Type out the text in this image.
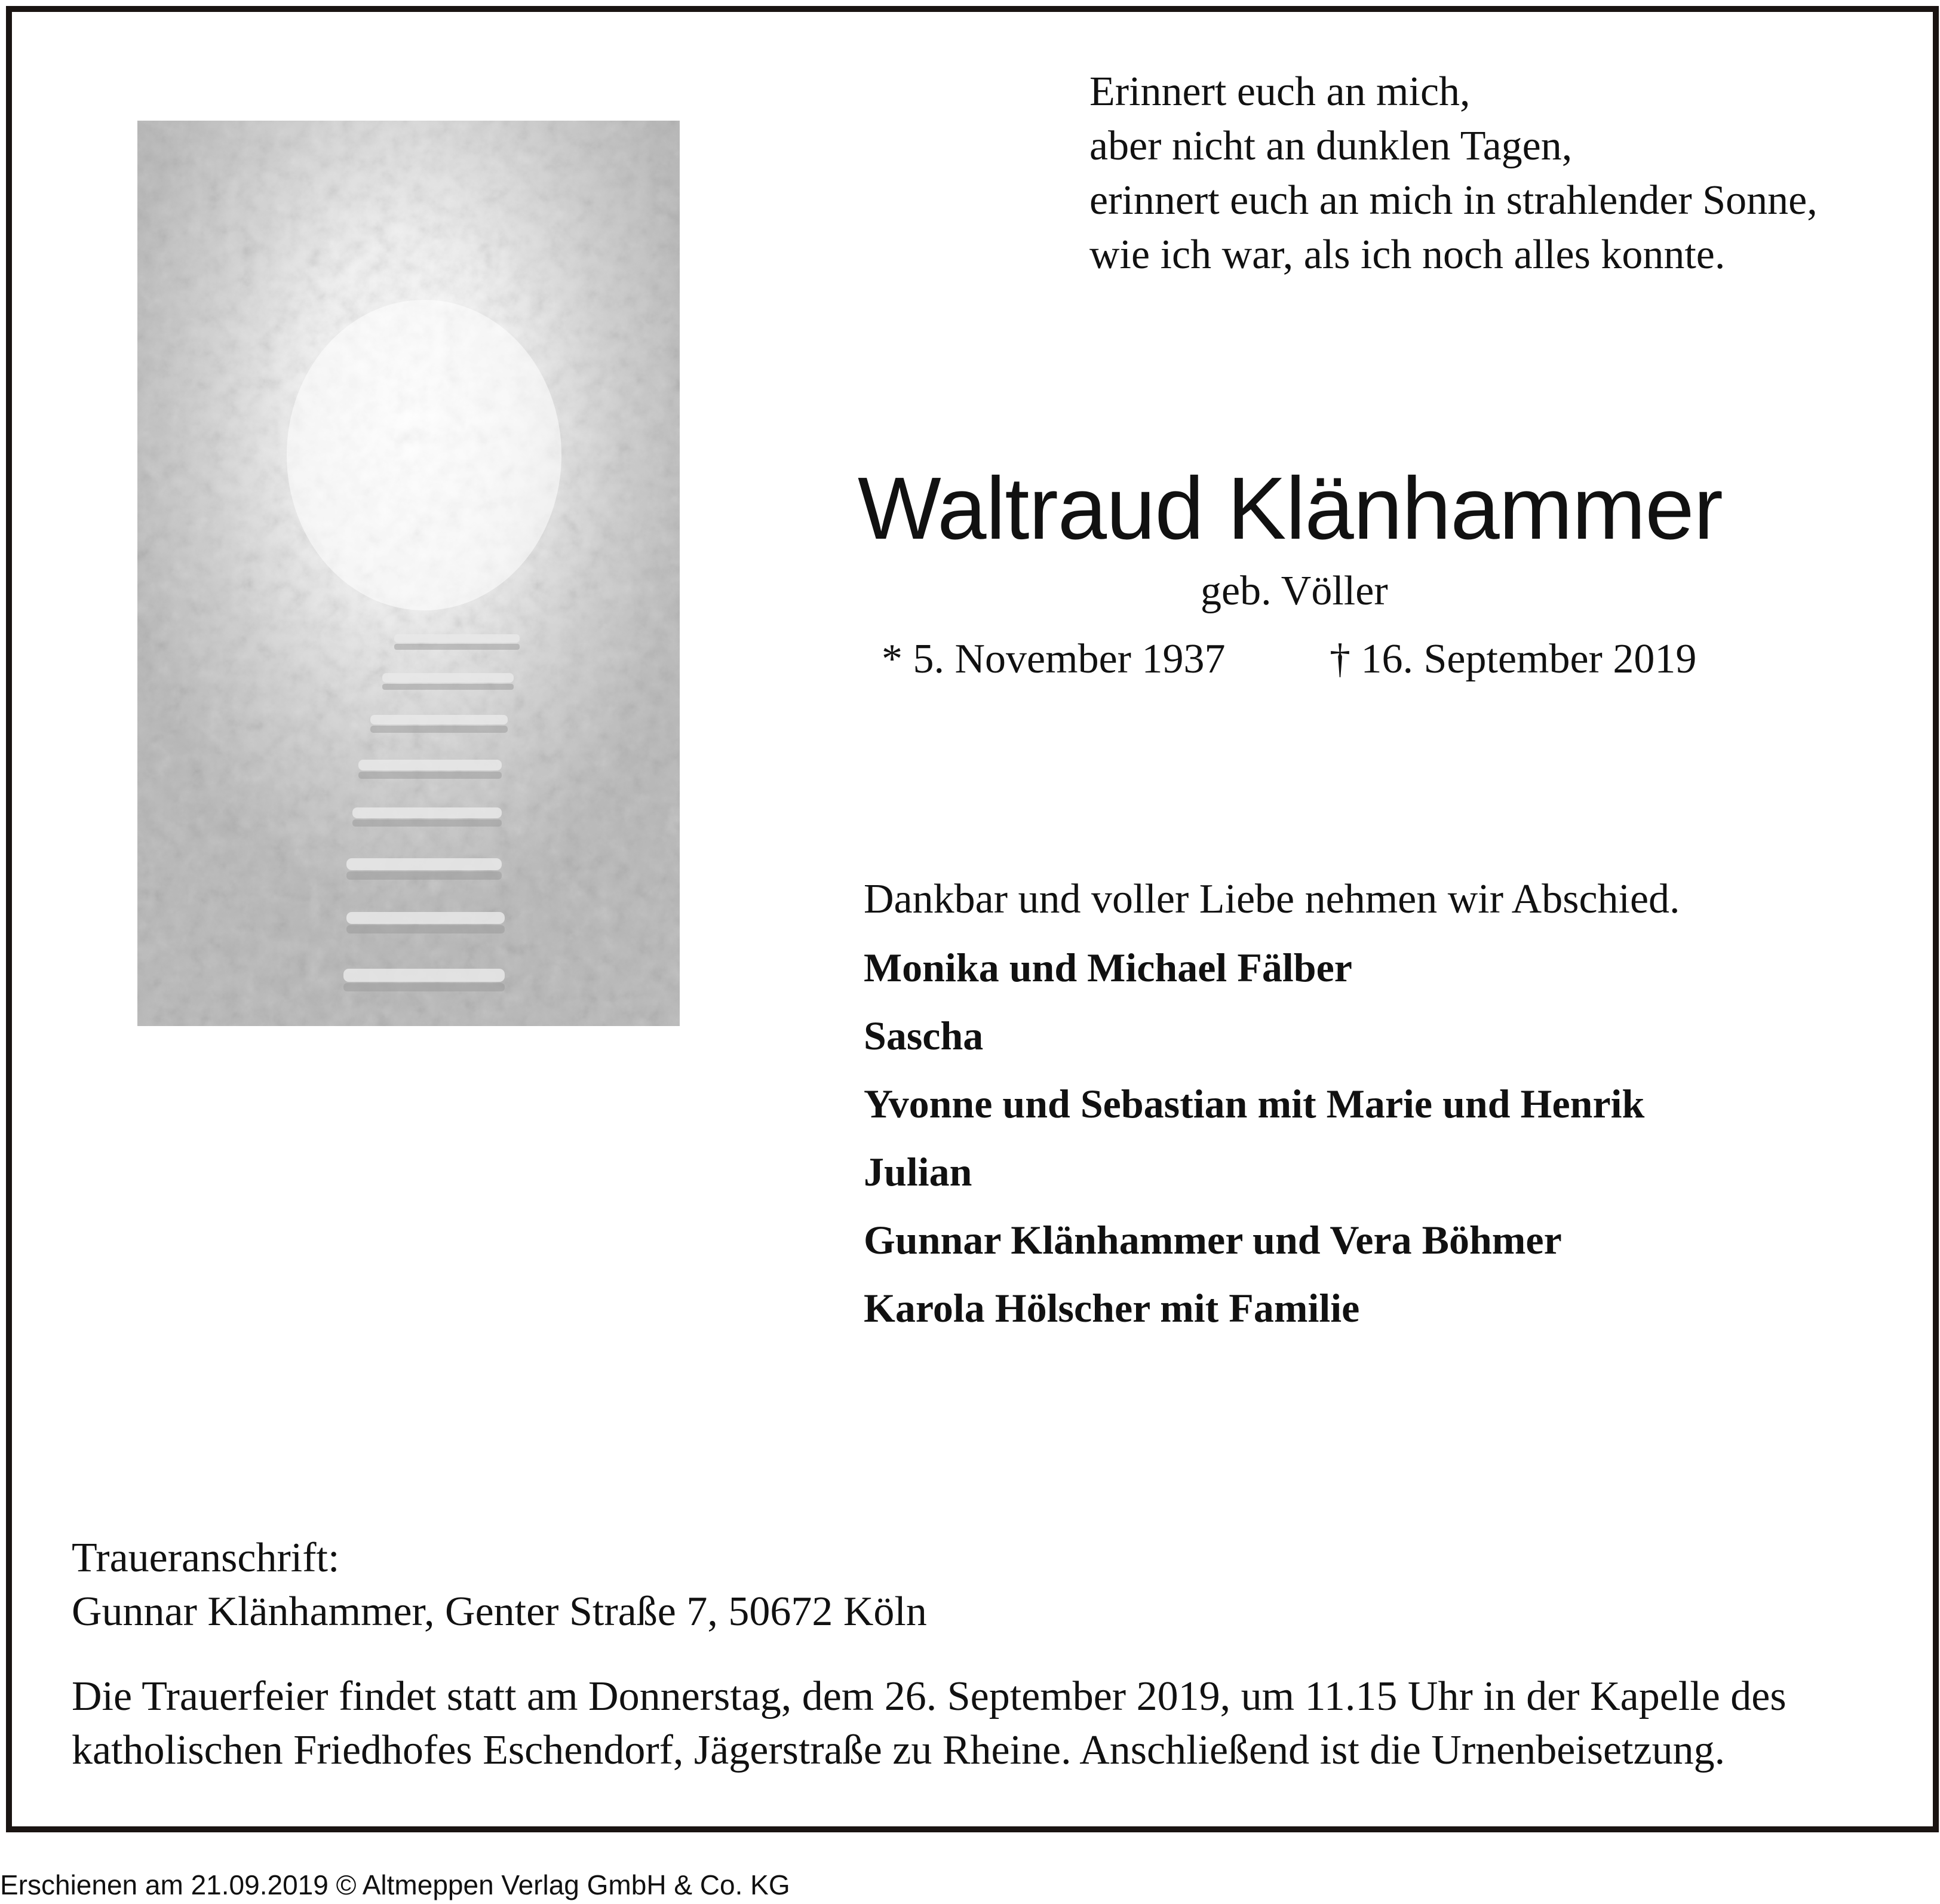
Erinnert euch an mich,
aber nicht an dunklen Tagen,
erinnert euch an mich in strahlender Sonne,
wie ich war, als ich noch alles konnte.
Waltraud Klänhammer
geb. Völler
* 5. November 1937 † 16. September 2019
Dankbar und voller Liebe nehmen wir Abschied.
Monika und Michael Fälber
Sascha
Yvonne und Sebastian mit Marie und Henrik
Julian
Gunnar Klänhammer und Vera Böhmer
Karola Hölscher mit Familie
Traueranschrift:
Gunnar Klänhammer, Genter Straße 7, 50672 Köln
Die Trauerfeier findet statt am Donnerstag, dem 26. September 2019, um 11.15 Uhr in der Kapelle des
katholischen Friedhofes Eschendorf, Jägerstraße zu Rheine. Anschließend ist die Urnenbeisetzung.
Erschienen am 21.09.2019 © Altmeppen Verlag GmbH & Co. KG
